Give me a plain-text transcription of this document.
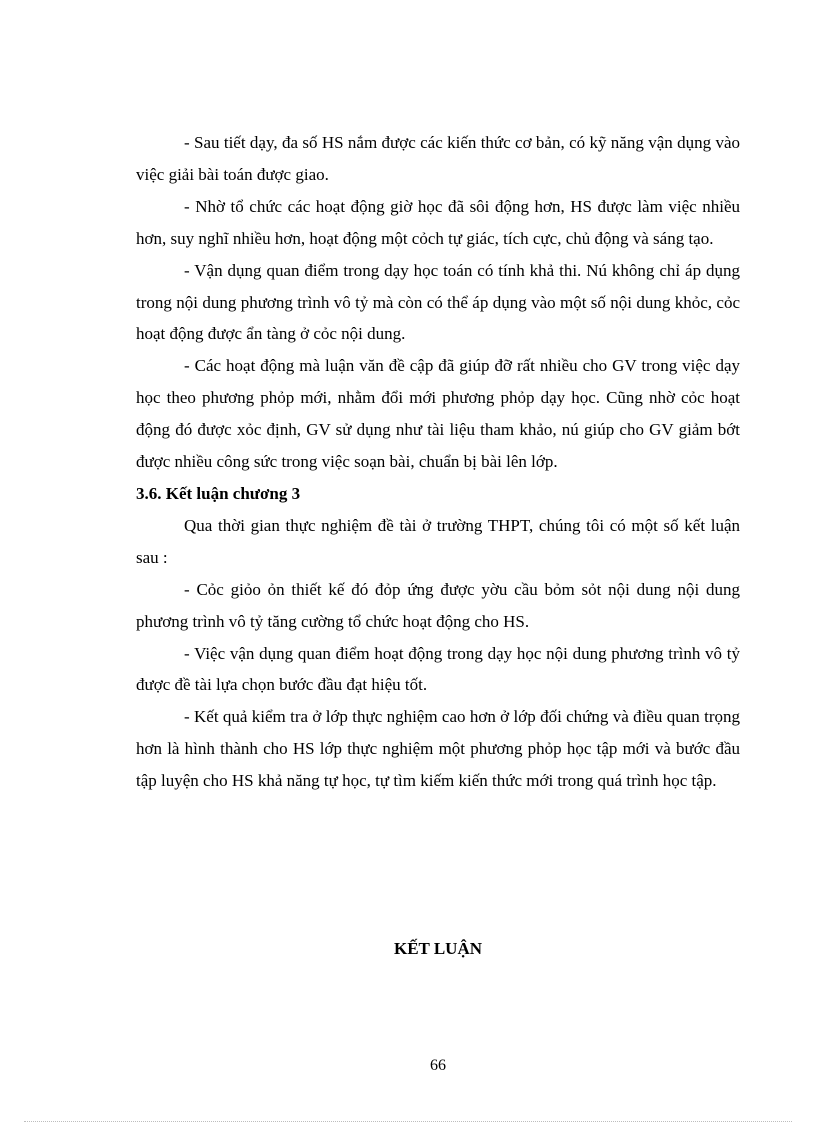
- Sau tiết dạy, đa số HS nắm được các kiến thức cơ bản, có kỹ năng vận dụng vào việc giải bài toán được giao.

- Nhờ tổ chức các hoạt động giờ học đã sôi động hơn, HS được làm việc nhiều hơn, suy nghĩ nhiều hơn, hoạt động một cỏch tự giác, tích cực, chủ động và sáng tạo.

- Vận dụng quan điểm trong dạy học toán có tính khả thi. Nú không chỉ áp dụng trong nội dung phương trình vô tỷ mà còn có thể áp dụng vào một số nội dung khỏc, cỏc hoạt động được ẩn tàng ở cỏc nội dung.

- Các hoạt động mà luận văn đề cập đã giúp đỡ rất nhiều cho GV trong việc dạy học theo phương phỏp mới, nhằm đổi mới phương phỏp dạy học. Cũng nhờ cỏc hoạt động đó được xỏc định, GV sử dụng như tài liệu tham khảo, nú giúp cho GV giảm bớt được nhiều công sức trong việc soạn bài, chuẩn bị bài lên lớp.

3.6. Kết luận chương 3

Qua thời gian thực nghiệm đề tài ở trường THPT, chúng tôi có một số kết luận sau :

- Cỏc giỏo ỏn thiết kế đó đỏp ứng được yờu cầu bỏm sỏt nội dung nội dung phương trình vô tỷ tăng cường tổ chức hoạt động cho HS.

- Việc vận dụng quan điểm hoạt động trong dạy học nội dung phương trình vô tỷ được đề tài lựa chọn bước đầu đạt hiệu tốt.

- Kết quả kiểm tra ở lớp thực nghiệm cao hơn ở lớp đối chứng và điều quan trọng hơn là hình thành cho HS lớp thực nghiệm một phương phỏp học tập mới và bước đầu tập luyện cho HS khả năng tự học, tự tìm kiếm kiến thức mới trong quá trình học tập.

KẾT LUẬN
66
